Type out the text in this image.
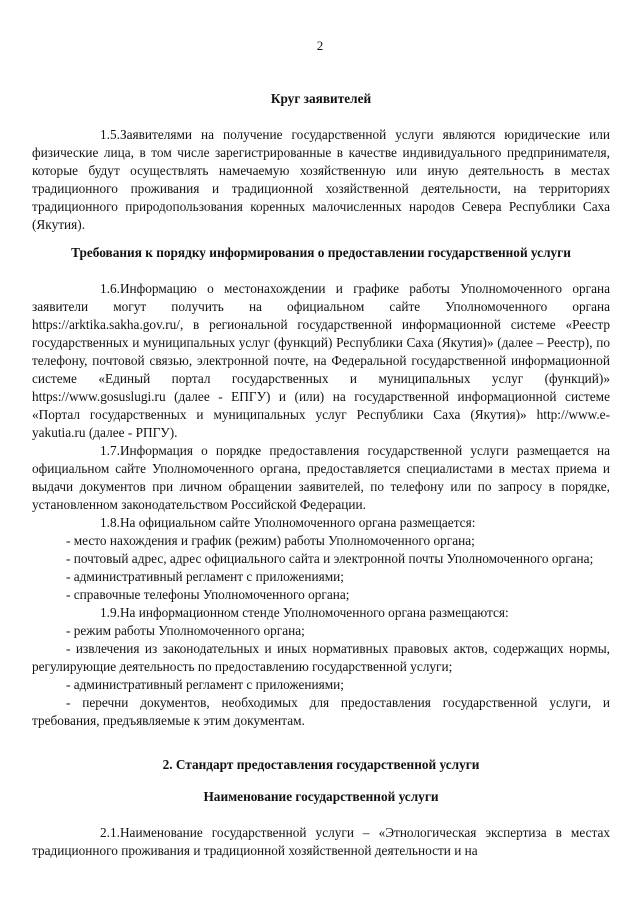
2
Круг заявителей

1.5.Заявителями на получение государственной услуги являются юридические или физические лица, в том числе зарегистрированные в качестве индивидуального предпринимателя, которые будут осуществлять намечаемую хозяйственную или иную деятельность в местах традиционного проживания и традиционной хозяйственной деятельности, на территориях традиционного природопользования коренных малочисленных народов Севера Республики Саха (Якутия).

Требования к порядку информирования о предоставлении государственной услуги

1.6.Информацию о местонахождении и графике работы Уполномоченного органа заявители могут получить на официальном сайте Уполномоченного органа https://arktika.sakha.gov.ru/, в региональной государственной информационной системе «Реестр государственных и муниципальных услуг (функций) Республики Саха (Якутия)» (далее – Реестр), по телефону, почтовой связью, электронной почте, на Федеральной государственной информационной системе «Единый портал государственных и муниципальных услуг (функций)» https://www.gosuslugi.ru (далее - ЕПГУ) и (или) на государственной информационной системе «Портал государственных и муниципальных услуг Республики Саха (Якутия)» http://www.e-yakutia.ru (далее - РПГУ).

1.7.Информация о порядке предоставления государственной услуги размещается на официальном сайте Уполномоченного органа, предоставляется специалистами в местах приема и выдачи документов при личном обращении заявителей, по телефону или по запросу в порядке, установленном законодательством Российской Федерации.

1.8.На официальном сайте Уполномоченного органа размещается:

- место нахождения и график (режим) работы Уполномоченного органа;

- почтовый адрес, адрес официального сайта и электронной почты Уполномоченного органа;

- административный регламент с приложениями;

- справочные телефоны Уполномоченного органа;

1.9.На информационном стенде Уполномоченного органа размещаются:

- режим работы Уполномоченного органа;

- извлечения из законодательных и иных нормативных правовых актов, содержащих нормы, регулирующие деятельность по предоставлению государственной услуги;

- административный регламент с приложениями;

- перечни документов, необходимых для предоставления государственной услуги, и требования, предъявляемые к этим документам.

2. Стандарт предоставления государственной услуги
Наименование государственной услуги

2.1.Наименование государственной услуги – «Этнологическая экспертиза в местах традиционного проживания и традиционной хозяйственной деятельности и на
